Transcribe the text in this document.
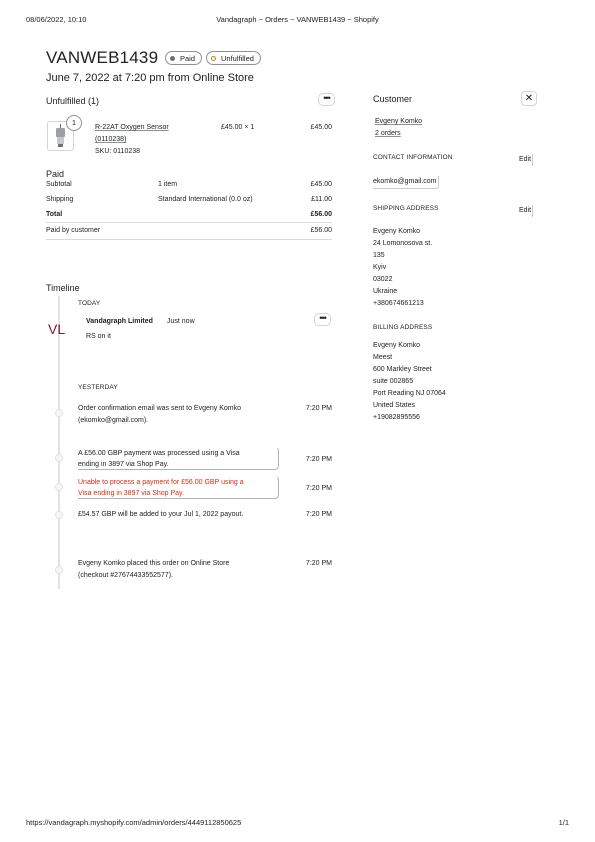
08/06/2022, 10:10	Vandagraph ~ Orders ~ VANWEB1439 ~ Shopify
VANWEB1439	Paid	Unfulfilled
June 7, 2022 at 7:20 pm from Online Store
Unfulfilled (1)	•••
1
R-22AT Oxygen Sensor
(0110238)
SKU: 0110238
£45.00 × 1	£45.00
Paid
Subtotal	1 item	£45.00
Shipping	Standard International (0.0 oz)	£11.00
Total	£56.00
Paid by customer	£56.00
Timeline
TODAY
VL	Vandagraph Limited Just now
RS on it
•••
YESTERDAY
Order confirmation email was sent to Evgeny Komko
(ekomko@gmail.com).
7:20 PM
A £56.00 GBP payment was processed using a Visa
ending in 3897 via Shop Pay.
7:20 PM
Unable to process a payment for £56.00 GBP using a
Visa ending in 3897 via Shop Pay.
7:20 PM
£54.57 GBP will be added to your Jul 1, 2022 payout.	7:20 PM
Evgeny Komko placed this order on Online Store
(checkout #27674433552577).
7:20 PM
Customer	✕
Evgeny Komko
2 orders
CONTACT INFORMATION	Edit
ekomko@gmail.com
SHIPPING ADDRESS	Edit
Evgeny Komko
24 Lomonosova st.
135
Kyiv
03022
Ukraine
+380674661213
BILLING ADDRESS
Evgeny Komko
Meest
600 Markley Street
suite 002865
Port Reading NJ 07064
United States
+19082895556
https://vandagraph.myshopify.com/admin/orders/4449112850625	1/1
